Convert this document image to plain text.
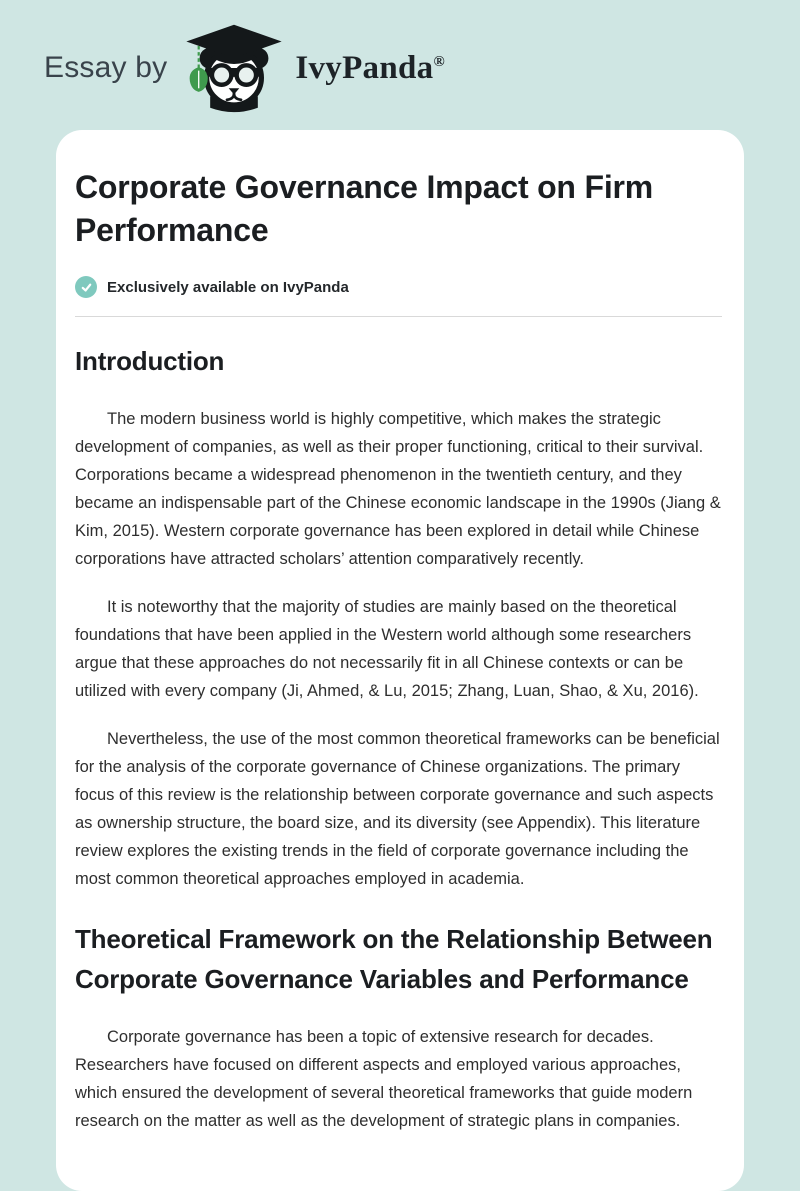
Essay by	IvyPanda®
Corporate Governance Impact on Firm Performance
Exclusively available on IvyPanda
Introduction

The modern business world is highly competitive, which makes the strategic development of companies, as well as their proper functioning, critical to their survival. Corporations became a widespread phenomenon in the twentieth century, and they became an indispensable part of the Chinese economic landscape in the 1990s (Jiang & Kim, 2015). Western corporate governance has been explored in detail while Chinese corporations have attracted scholars’ attention comparatively recently.

It is noteworthy that the majority of studies are mainly based on the theoretical foundations that have been applied in the Western world although some researchers argue that these approaches do not necessarily fit in all Chinese contexts or can be utilized with every company (Ji, Ahmed, & Lu, 2015; Zhang, Luan, Shao, & Xu, 2016).

Nevertheless, the use of the most common theoretical frameworks can be beneficial for the analysis of the corporate governance of Chinese organizations. The primary focus of this review is the relationship between corporate governance and such aspects as ownership structure, the board size, and its diversity (see Appendix). This literature review explores the existing trends in the field of corporate governance including the most common theoretical approaches employed in academia.

Theoretical Framework on the Relationship Between Corporate Governance Variables and Performance

Corporate governance has been a topic of extensive research for decades. Researchers have focused on different aspects and employed various approaches, which ensured the development of several theoretical frameworks that guide modern research on the matter as well as the development of strategic plans in companies.
